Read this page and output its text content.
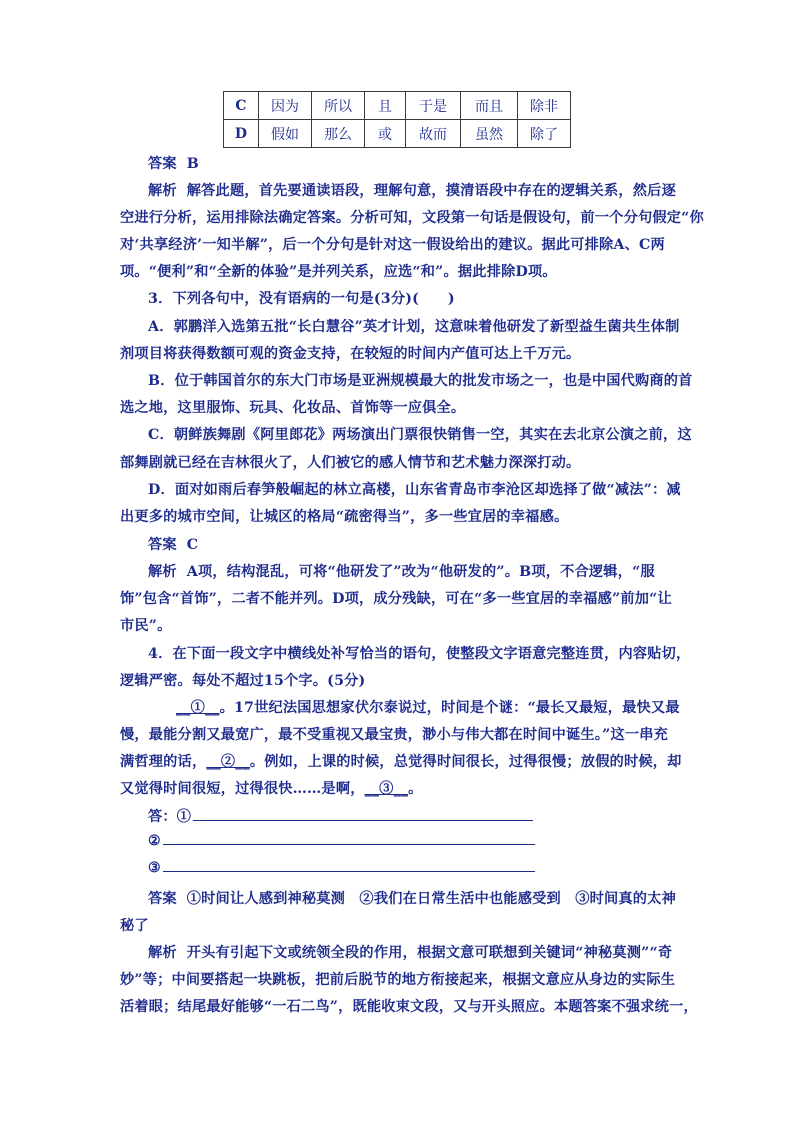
C	因为	所以	且	于是	而且	除非
D	假如	那么	或	故而	虽然	除了
答案 B
解析 解答此题，首先要通读语段，理解句意，摸清语段中存在的逻辑关系，然后逐
空进行分析，运用排除法确定答案。分析可知，文段第一句话是假设句，前一个分句假定“你
对‘共享经济’一知半解”，后一个分句是针对这一假设给出的建议。据此可排除A、C两
项。“便利”和“全新的体验”是并列关系，应选“和”。据此排除D项。
3．下列各句中，没有语病的一句是(3分)(　　)
A．郭鹏洋入选第五批“长白慧谷”英才计划，这意味着他研发了新型益生菌共生体制
剂项目将获得数额可观的资金支持，在较短的时间内产值可达上千万元。
B．位于韩国首尔的东大门市场是亚洲规模最大的批发市场之一，也是中国代购商的首
选之地，这里服饰、玩具、化妆品、首饰等一应俱全。
C．朝鲜族舞剧《阿里郎花》两场演出门票很快销售一空，其实在去北京公演之前，这
部舞剧就已经在吉林很火了，人们被它的感人情节和艺术魅力深深打动。
D．面对如雨后春笋般崛起的林立高楼，山东省青岛市李沧区却选择了做“减法”：减
出更多的城市空间，让城区的格局“疏密得当”，多一些宜居的幸福感。
答案 C
解析 A项，结构混乱，可将“他研发了”改为“他研发的”。B项，不合逻辑，“服
饰”包含“首饰”，二者不能并列。D项，成分残缺，可在“多一些宜居的幸福感”前加“让
市民”。
4．在下面一段文字中横线处补写恰当的语句，使整段文字语意完整连贯，内容贴切，
逻辑严密。每处不超过15个字。(5分)
__①__。17世纪法国思想家伏尔泰说过，时间是个谜：“最长又最短，最快又最
慢，最能分割又最宽广，最不受重视又最宝贵，渺小与伟大都在时间中诞生。”这一串充
满哲理的话，__②__。例如，上课的时候，总觉得时间很长，过得很慢；放假的时候，却
又觉得时间很短，过得很快……是啊，__③__。
答：①
②
③
答案 ①时间让人感到神秘莫测　②我们在日常生活中也能感受到　③时间真的太神
秘了
解析 开头有引起下文或统领全段的作用，根据文意可联想到关键词“神秘莫测”“奇
妙”等；中间要搭起一块跳板，把前后脱节的地方衔接起来，根据文意应从身边的实际生
活着眼；结尾最好能够“一石二鸟”，既能收束文段，又与开头照应。本题答案不强求统一，
